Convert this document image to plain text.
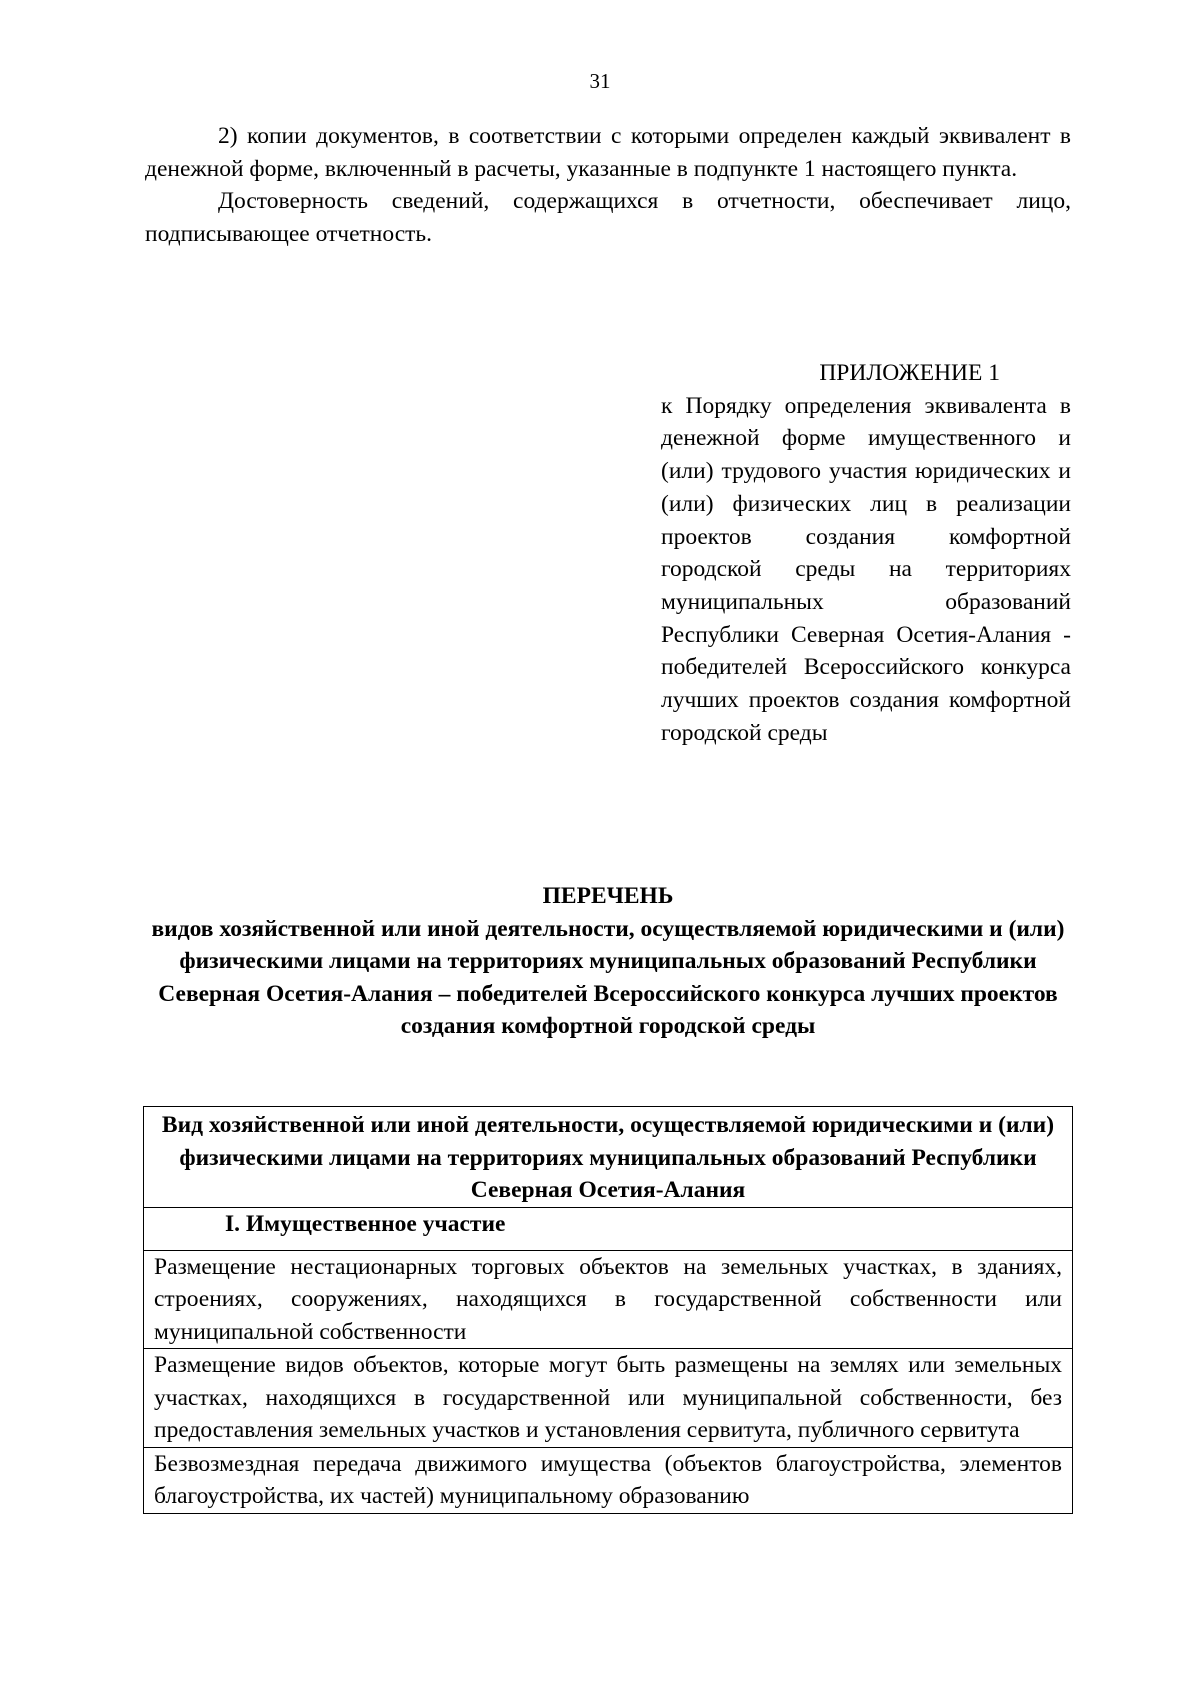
31

2) копии документов, в соответствии с которыми определен каждый эквивалент в денежной форме, включенный в расчеты, указанные в подпункте 1 настоящего пункта.

Достоверность сведений, содержащихся в отчетности, обеспечивает лицо, подписывающее отчетность.

ПРИЛОЖЕНИЕ 1

к Порядку определения эквивалента в денежной форме имущественного и (или) трудового участия юридических и (или) физических лиц в реализации проектов создания комфортной городской среды на территориях муниципальных образований Республики Северная Осетия-Алания - победителей Всероссийского конкурса лучших проектов создания комфортной городской среды

ПЕРЕЧЕНЬ

видов хозяйственной или иной деятельности, осуществляемой юридическими и (или) физическими лицами на территориях муниципальных образований Республики Северная Осетия-Алания – победителей Всероссийского конкурса лучших проектов создания комфортной городской среды

Вид хозяйственной или иной деятельности, осуществляемой юридическими и (или) физическими лицами на территориях муниципальных образований Республики Северная Осетия-Алания
I. Имущественное участие
Размещение нестационарных торговых объектов на земельных участках, в зданиях, строениях, сооружениях, находящихся в государственной собственности или муниципальной собственности
Размещение видов объектов, которые могут быть размещены на землях или земельных участках, находящихся в государственной или муниципальной собственности, без предоставления земельных участков и установления сервитута, публичного сервитута
Безвозмездная передача движимого имущества (объектов благоустройства, элементов благоустройства, их частей) муниципальному образованию
